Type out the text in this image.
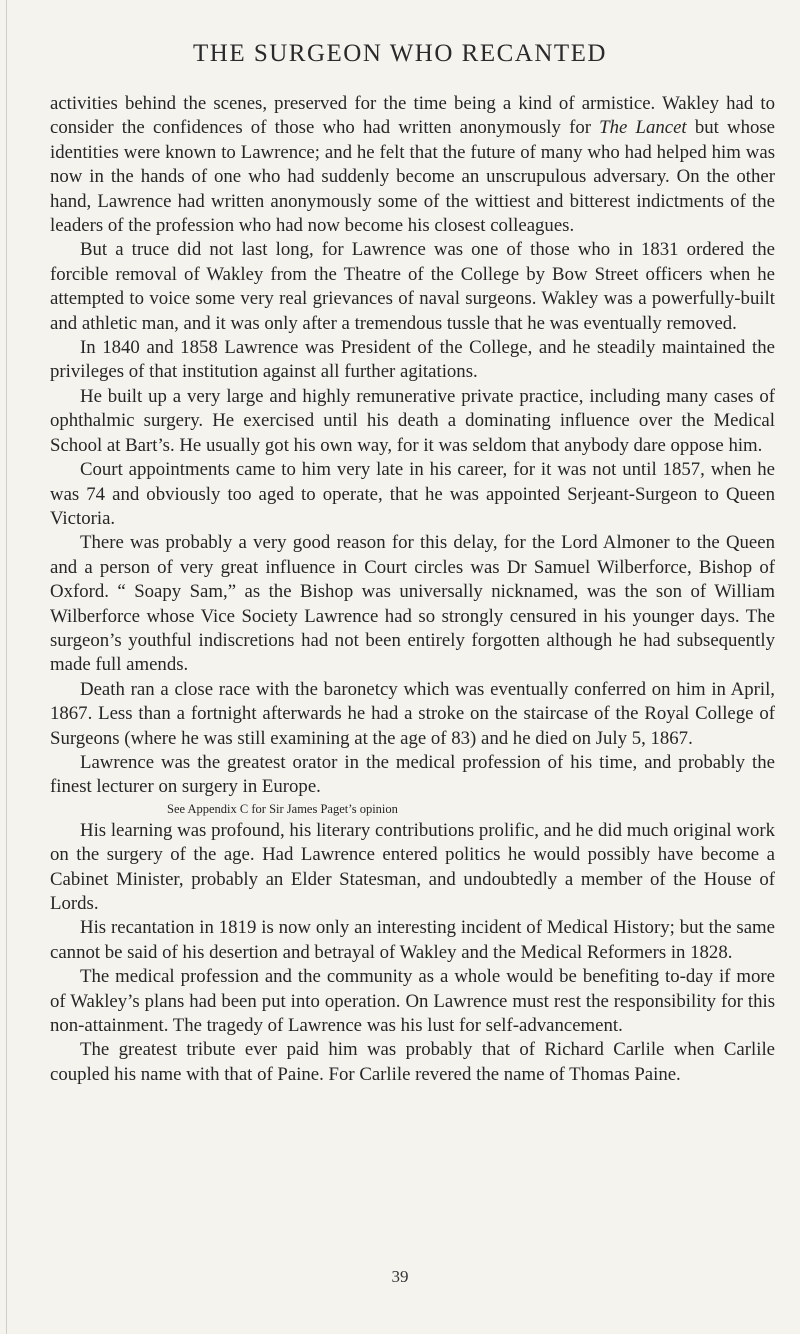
THE SURGEON WHO RECANTED

activities behind the scenes, preserved for the time being a kind of armistice. Wakley had to consider the confidences of those who had written anonymously for The Lancet but whose identities were known to Lawrence; and he felt that the future of many who had helped him was now in the hands of one who had suddenly become an unscrupulous adversary. On the other hand, Lawrence had written anonymously some of the wittiest and bitterest indictments of the leaders of the profession who had now become his closest colleagues.

But a truce did not last long, for Lawrence was one of those who in 1831 ordered the forcible removal of Wakley from the Theatre of the College by Bow Street officers when he attempted to voice some very real grievances of naval surgeons. Wakley was a powerfully-built and athletic man, and it was only after a tremendous tussle that he was eventually removed.

In 1840 and 1858 Lawrence was President of the College, and he steadily maintained the privileges of that institution against all further agitations.

He built up a very large and highly remunerative private practice, including many cases of ophthalmic surgery. He exercised until his death a dominating influence over the Medical School at Bart’s. He usually got his own way, for it was seldom that anybody dare oppose him.

Court appointments came to him very late in his career, for it was not until 1857, when he was 74 and obviously too aged to operate, that he was appointed Serjeant-Surgeon to Queen Victoria.

There was probably a very good reason for this delay, for the Lord Almoner to the Queen and a person of very great influence in Court circles was Dr Samuel Wilberforce, Bishop of Oxford. “ Soapy Sam,” as the Bishop was universally nicknamed, was the son of William Wilberforce whose Vice Society Lawrence had so strongly censured in his younger days. The surgeon’s youthful indiscretions had not been entirely forgotten although he had subsequently made full amends.

Death ran a close race with the baronetcy which was eventually conferred on him in April, 1867. Less than a fortnight afterwards he had a stroke on the staircase of the Royal College of Surgeons (where he was still examining at the age of 83) and he died on July 5, 1867.

Lawrence was the greatest orator in the medical profession of his time, and probably the finest lecturer on surgery in Europe.

See Appendix C for Sir James Paget’s opinion

His learning was profound, his literary contributions prolific, and he did much original work on the surgery of the age. Had Lawrence entered politics he would possibly have become a Cabinet Minister, probably an Elder Statesman, and undoubtedly a member of the House of Lords.

His recantation in 1819 is now only an interesting incident of Medical History; but the same cannot be said of his desertion and betrayal of Wakley and the Medical Reformers in 1828.

The medical profession and the community as a whole would be benefiting to-day if more of Wakley’s plans had been put into operation. On Lawrence must rest the responsibility for this non-attainment. The tragedy of Lawrence was his lust for self-advancement.

The greatest tribute ever paid him was probably that of Richard Carlile when Carlile coupled his name with that of Paine. For Carlile revered the name of Thomas Paine.

39
